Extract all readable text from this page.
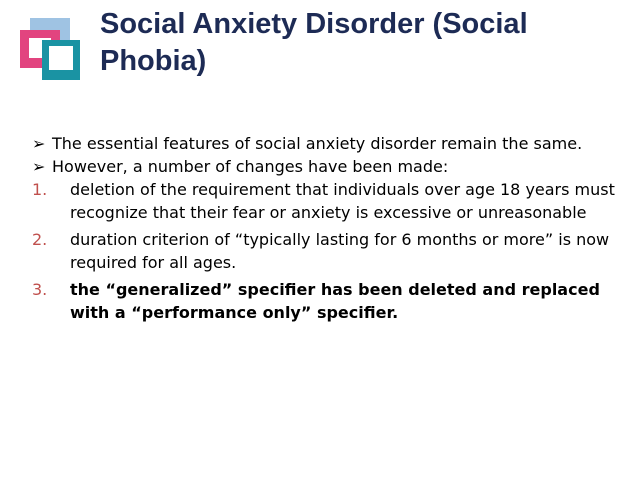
Social Anxiety Disorder (Social
Phobia)
➢ The essential features of social anxiety disorder remain the same.
➢ However, a number of changes have been made:
1.	deletion of the requirement that individuals over age 18 years must recognize that their fear or anxiety is excessive or unreasonable
2.	duration criterion of “typically lasting for 6 months or more” is now required for all ages.
3.	the “generalized” specifier has been deleted and replaced with a “performance only” specifier.
